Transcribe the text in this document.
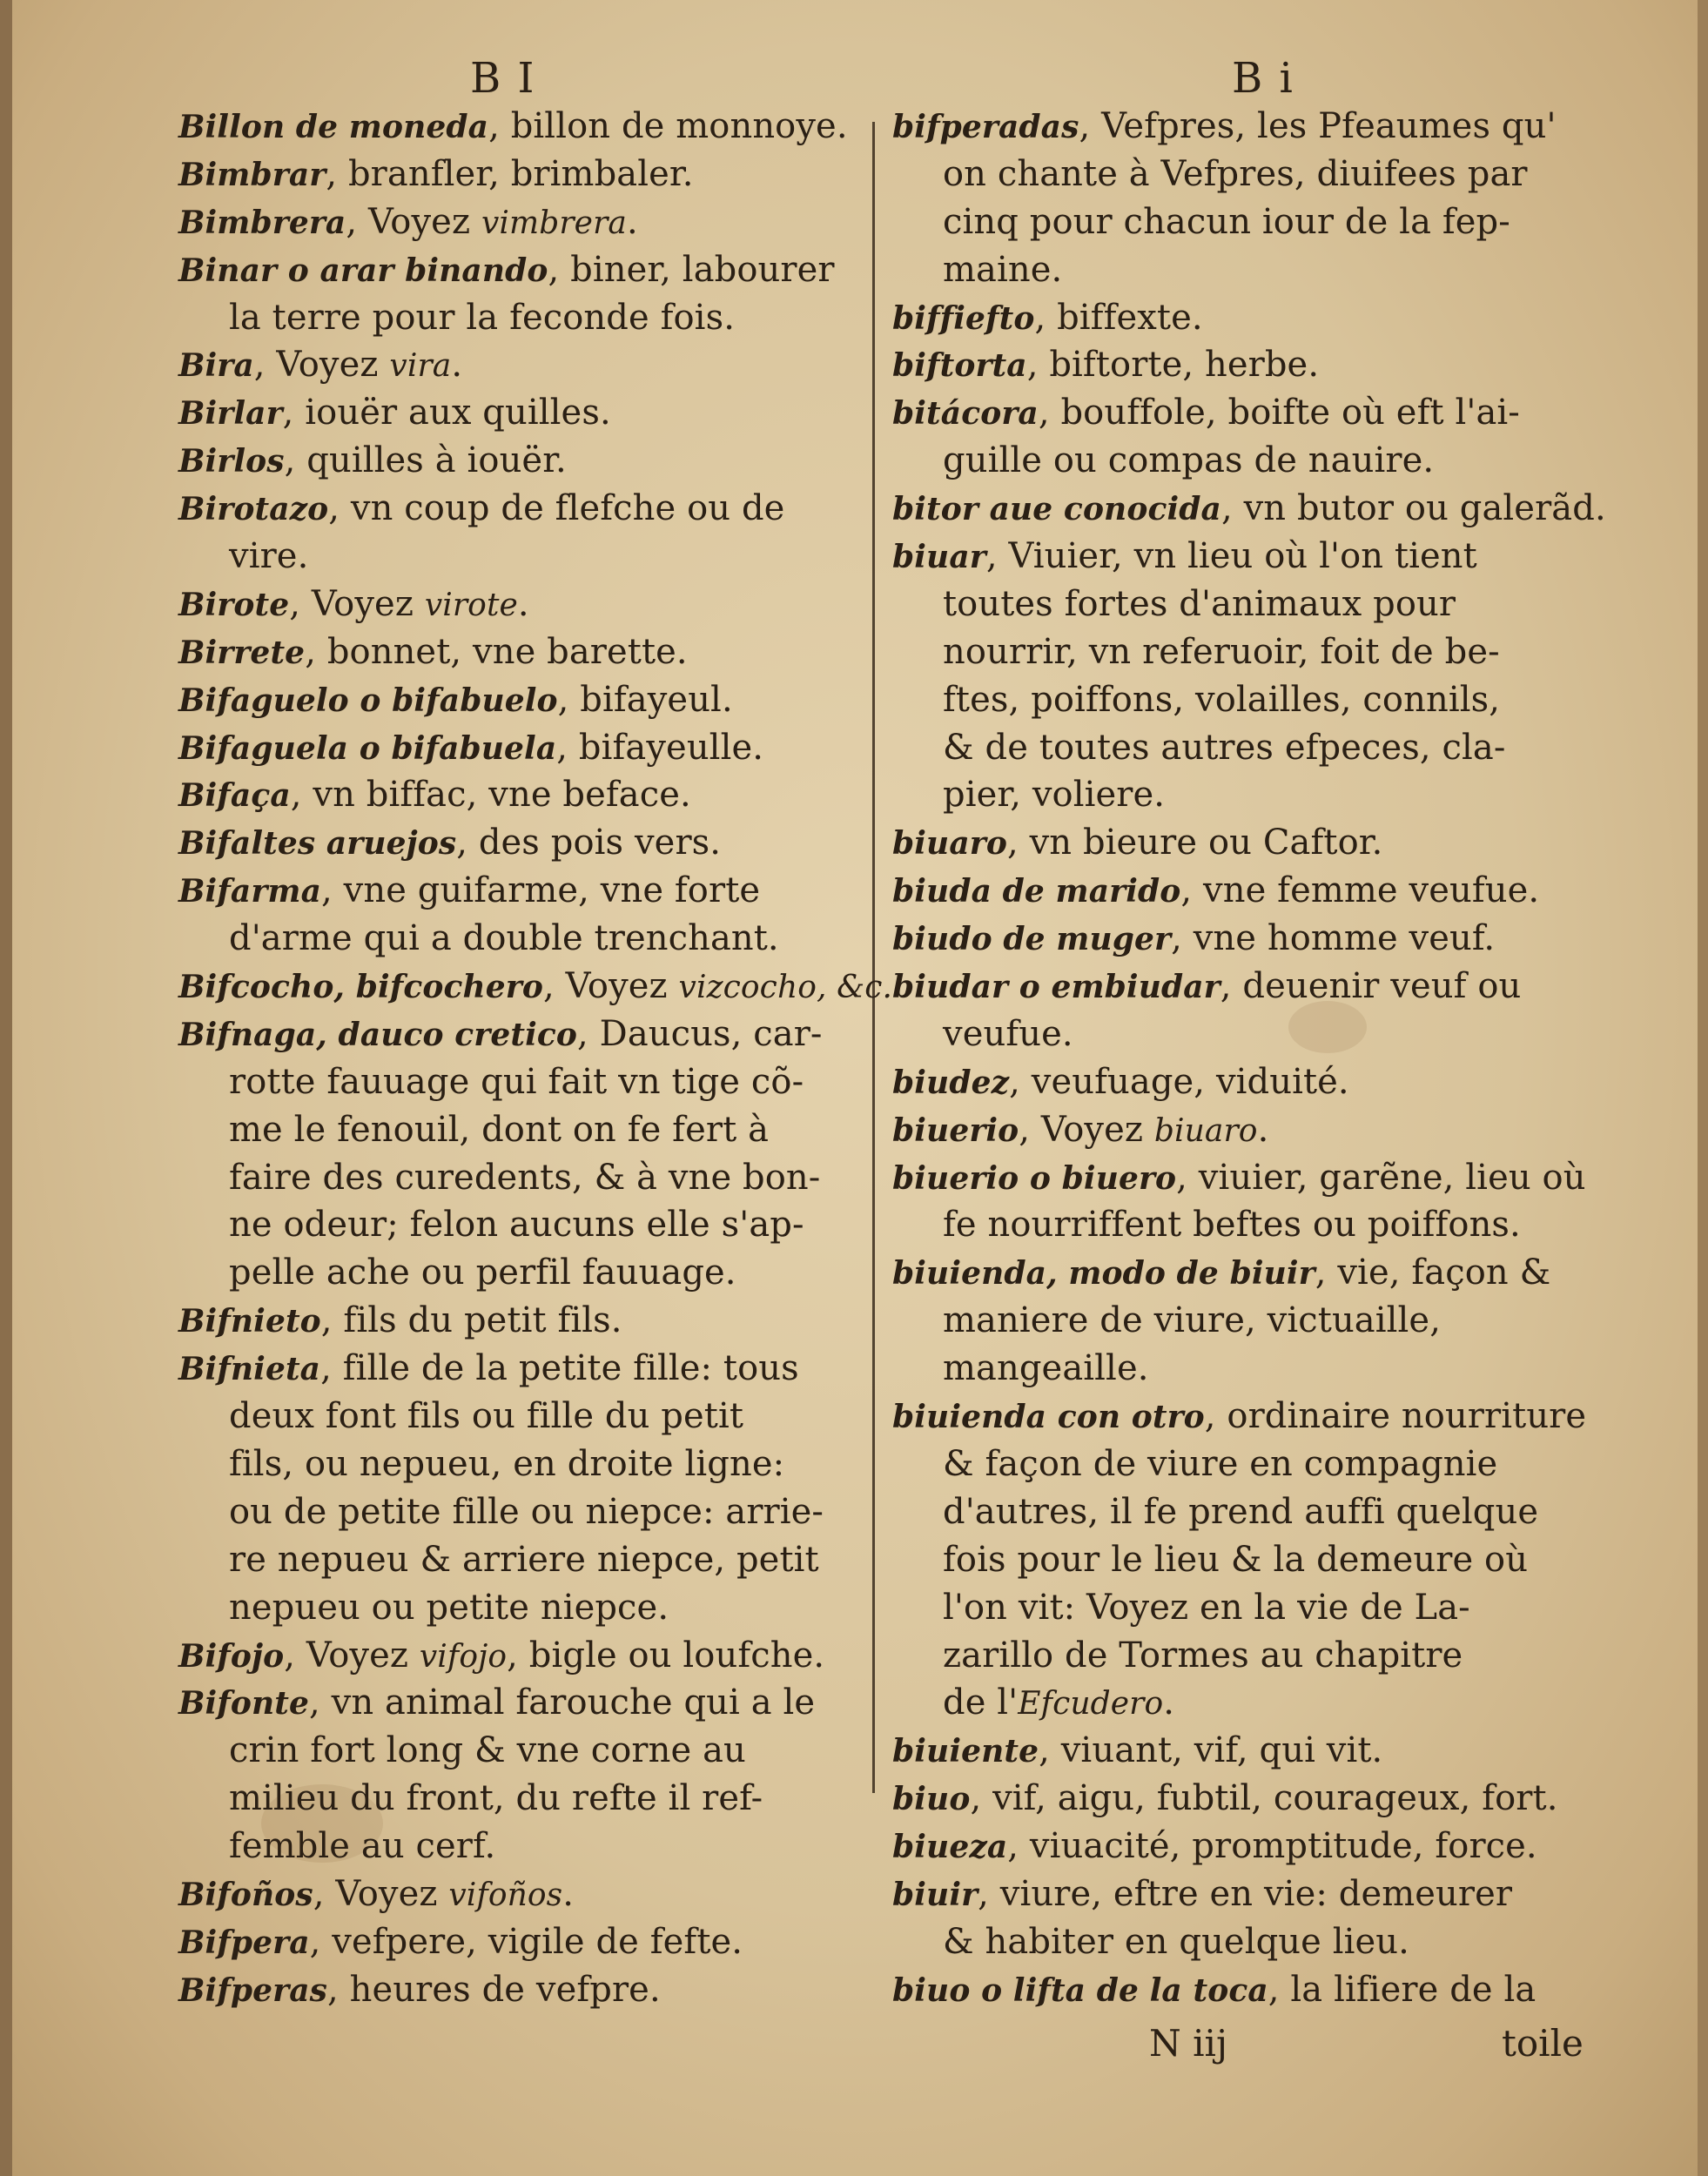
B I	B i
Billon de moneda, billon de monnoye.
Bimbrar, branfler, brimbaler.
Bimbrera, Voyez vimbrera.
Binar o arar binando, biner, labourer
la terre pour la feconde fois.
Bira, Voyez vira.
Birlar, iouër aux quilles.
Birlos, quilles à iouër.
Birotazo, vn coup de flefche ou de
vire.
Birote, Voyez virote.
Birrete, bonnet, vne barette.
Bifaguelo o bifabuelo, bifayeul.
Bifaguela o bifabuela, bifayeulle.
Bifaça, vn biffac, vne beface.
Bifaltes aruejos, des pois vers.
Bifarma, vne guifarme, vne forte
d'arme qui a double trenchant.
Bifcocho, bifcochero, Voyez vizcocho, &c.
Bifnaga, dauco cretico, Daucus, car-
rotte fauuage qui fait vn tige cõ-
me le fenouil, dont on fe fert à
faire des curedents, & à vne bon-
ne odeur; felon aucuns elle s'ap-
pelle ache ou perfil fauuage.
Bifnieto, fils du petit fils.
Bifnieta, fille de la petite fille: tous
deux font fils ou fille du petit
fils, ou nepueu, en droite ligne:
ou de petite fille ou niepce: arrie-
re nepueu & arriere niepce, petit
nepueu ou petite niepce.
Bifojo, Voyez vifojo, bigle ou loufche.
Bifonte, vn animal farouche qui a le
crin fort long & vne corne au
milieu du front, du refte il ref-
femble au cerf.
Bifoños, Voyez vifoños.
Bifpera, vefpere, vigile de fefte.
Bifperas, heures de vefpre.
bifperadas, Vefpres, les Pfeaumes qu'
on chante à Vefpres, diuifees par
cinq pour chacun iour de la fep-
maine.
biffiefto, biffexte.
biftorta, biftorte, herbe.
bitácora, bouffole, boifte où eft l'ai-
guille ou compas de nauire.
bitor aue conocida, vn butor ou galerãd.
biuar, Viuier, vn lieu où l'on tient
toutes fortes d'animaux pour
nourrir, vn referuoir, foit de be-
ftes, poiffons, volailles, connils,
& de toutes autres efpeces, cla-
pier, voliere.
biuaro, vn bieure ou Caftor.
biuda de marido, vne femme veufue.
biudo de muger, vne homme veuf.
biudar o embiudar, deuenir veuf ou
veufue.
biudez, veufuage, viduité.
biuerio, Voyez biuaro.
biuerio o biuero, viuier, garẽne, lieu où
fe nourriffent beftes ou poiffons.
biuienda, modo de biuir, vie, façon &
maniere de viure, victuaille,
mangeaille.
biuienda con otro, ordinaire nourriture
& façon de viure en compagnie
d'autres, il fe prend auffi quelque
fois pour le lieu & la demeure où
l'on vit: Voyez en la vie de La-
zarillo de Tormes au chapitre
de l'Efcudero.
biuiente, viuant, vif, qui vit.
biuo, vif, aigu, fubtil, courageux, fort.
biueza, viuacité, promptitude, force.
biuir, viure, eftre en vie: demeurer
& habiter en quelque lieu.
biuo o lifta de la toca, la lifiere de la
N iij	toile
